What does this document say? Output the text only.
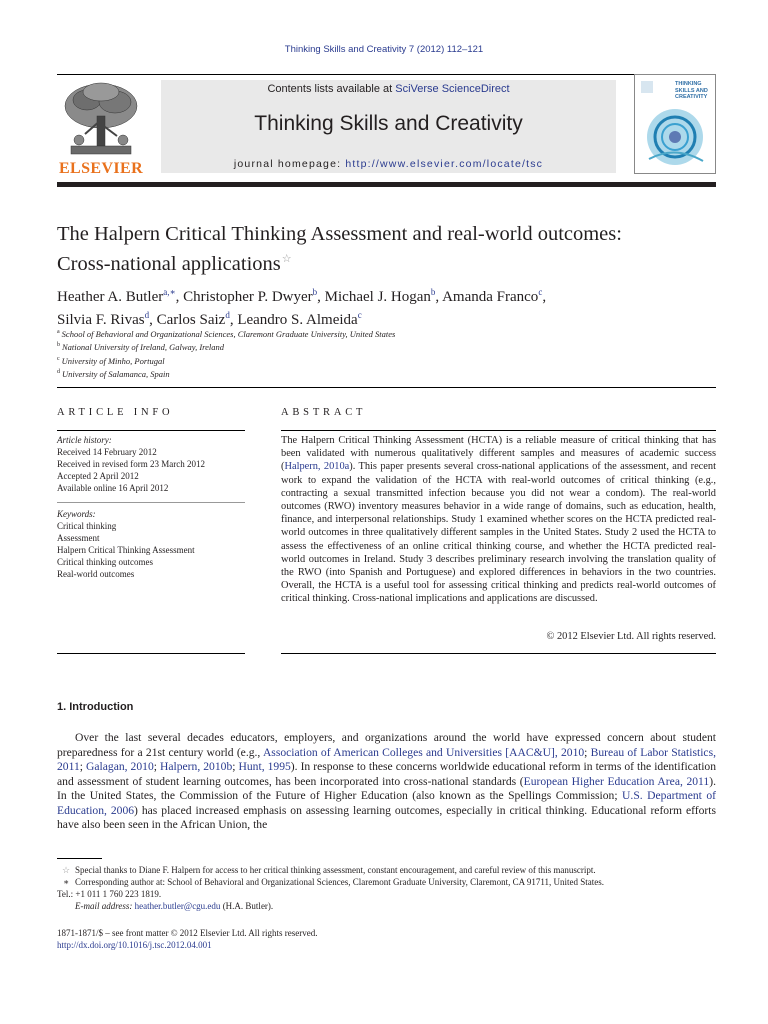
Thinking Skills and Creativity 7 (2012) 112–121
ELSEVIER
Contents lists available at SciVerse ScienceDirect
Thinking Skills and Creativity
journal homepage: http://www.elsevier.com/locate/tsc
THINKING SKILLS AND CREATIVITY
The Halpern Critical Thinking Assessment and real-world outcomes:
Cross-national applications☆
Heather A. Butler$^{a,∗}$, Christopher P. Dwyer$^b$, Michael J. Hogan$^b$, Amanda Franco$^c$,
Silvia F. Rivas$^d$, Carlos Saiz$^d$, Leandro S. Almeida$^c$
$^a$ School of Behavioral and Organizational Sciences, Claremont Graduate University, United States
$^b$ National University of Ireland, Galway, Ireland
$^c$ University of Minho, Portugal
$^d$ University of Salamanca, Spain
ARTICLE INFO	ABSTRACT
Article history:
Received 14 February 2012
Received in revised form 23 March 2012
Accepted 2 April 2012
Available online 16 April 2012
Keywords:
Critical thinking
Assessment
Halpern Critical Thinking Assessment
Critical thinking outcomes
Real-world outcomes
The Halpern Critical Thinking Assessment (HCTA) is a reliable measure of critical thinking that has been validated with numerous qualitatively different samples and measures of academic success (Halpern, 2010a). This paper presents several cross-national applications of the assessment, and recent work to expand the validation of the HCTA with real-world outcomes of critical thinking (e.g., contracting a sexual transmitted infection because you did not wear a condom). The real-world outcomes (RWO) inventory measures behavior in a wide range of domains, such as education, health, finance, and interpersonal relationships. Study 1 examined whether scores on the HCTA predicted real-world outcomes in three qualitatively different samples in the United States. Study 2 used the HCTA to assess the effectiveness of an online critical thinking course, and whether the HCTA predicted real-world outcomes in Ireland. Study 3 describes preliminary research involving the translation quality of the RWO (into Spanish and Portuguese) and explored differences in behaviors in the two countries. Overall, the HCTA is a useful tool for assessing critical thinking and predicts real-world outcomes of critical thinking. Cross-national implications and applications are discussed.
© 2012 Elsevier Ltd. All rights reserved.
1. Introduction
Over the last several decades educators, employers, and organizations around the world have expressed concern about student preparedness for a 21st century world (e.g., Association of American Colleges and Universities [AAC&U], 2010; Bureau of Labor Statistics, 2011; Galagan, 2010; Halpern, 2010b; Hunt, 1995). In response to these concerns worldwide educational reform in terms of the identification and assessment of student learning outcomes, has been incorporated into cross-national standards (European Higher Education Area, 2011). In the United States, the Commission of the Future of Higher Education (also known as the Spellings Commission; U.S. Department of Education, 2006) has placed increased emphasis on assessing learning outcomes, especially in critical thinking. Educational reform efforts have also been seen in the African Union, the

☆ Special thanks to Diane F. Halpern for access to her critical thinking assessment, constant encouragement, and careful review of this manuscript.

∗ Corresponding author at: School of Behavioral and Organizational Sciences, Claremont Graduate University, Claremont, CA 91711, United States.

Tel.: +1 011 1 760 223 1819.

E-mail address: heather.butler@cgu.edu (H.A. Butler).

1871-1871/$ – see front matter © 2012 Elsevier Ltd. All rights reserved.
http://dx.doi.org/10.1016/j.tsc.2012.04.001
